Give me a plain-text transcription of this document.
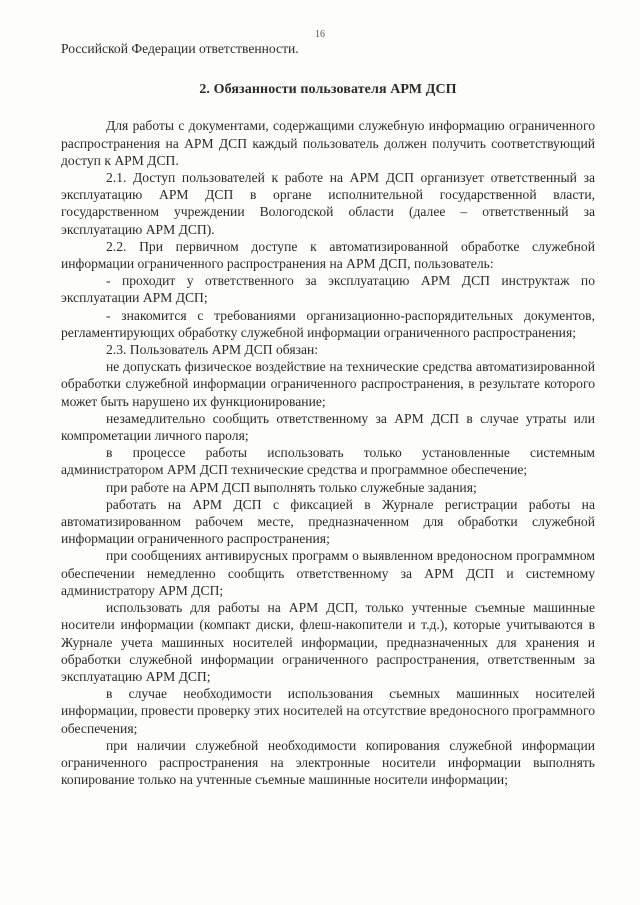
16
Российской Федерации ответственности.
2. Обязанности пользователя АРМ ДСП

Для работы с документами, содержащими служебную информацию ограниченного распространения на АРМ ДСП каждый пользователь должен получить соответствующий доступ к АРМ ДСП.

2.1. Доступ пользователей к работе на АРМ ДСП организует ответственный за эксплуатацию АРМ ДСП в органе исполнительной государственной власти, государственном учреждении Вологодской области (далее – ответственный за эксплуатацию АРМ ДСП).

2.2. При первичном доступе к автоматизированной обработке служебной информации ограниченного распространения на АРМ ДСП, пользователь:

- проходит у ответственного за эксплуатацию АРМ ДСП инструктаж по эксплуатации АРМ ДСП;

- знакомится с требованиями организационно-распорядительных документов, регламентирующих обработку служебной информации ограниченного распространения;

2.3. Пользователь АРМ ДСП обязан:

не допускать физическое воздействие на технические средства автоматизированной обработки служебной информации ограниченного распространения, в результате которого может быть нарушено их функционирование;

незамедлительно сообщить ответственному за АРМ ДСП в случае утраты или компрометации личного пароля;

в процессе работы использовать только установленные системным администратором АРМ ДСП технические средства и программное обеспечение;

при работе на АРМ ДСП выполнять только служебные задания;

работать на АРМ ДСП с фиксацией в Журнале регистрации работы на автоматизированном рабочем месте, предназначенном для обработки служебной информации ограниченного распространения;

при сообщениях антивирусных программ о выявленном вредоносном программном обеспечении немедленно сообщить ответственному за АРМ ДСП и системному администратору АРМ ДСП;

использовать для работы на АРМ ДСП, только учтенные съемные машинные носители информации (компакт диски, флеш-накопители и т.д.), которые учитываются в Журнале учета машинных носителей информации, предназначенных для хранения и обработки служебной информации ограниченного распространения, ответственным за эксплуатацию АРМ ДСП;

в случае необходимости использования съемных машинных носителей информации, провести проверку этих носителей на отсутствие вредоносного программного обеспечения;

при наличии служебной необходимости копирования служебной информации ограниченного распространения на электронные носители информации выполнять копирование только на учтенные съемные машинные носители информации;
